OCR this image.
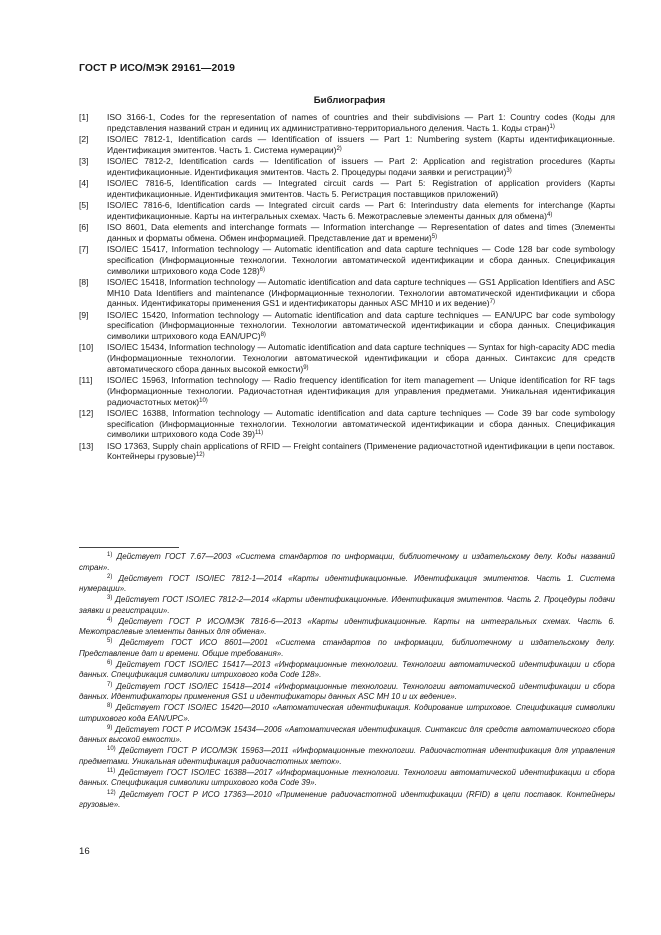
ГОСТ Р ИСО/МЭК 29161—2019
Библиография
[1]	ISO 3166-1, Codes for the representation of names of countries and their subdivisions — Part 1: Country codes (Коды для представления названий стран и единиц их административно-территориального деления. Часть 1. Коды стран)$^{1)}$
[2]	ISO/IEC 7812-1, Identification cards — Identification of issuers — Part 1: Numbering system (Карты идентификационные. Идентификация эмитентов. Часть 1. Система нумерации)$^{2)}$
[3]	ISO/IEC 7812-2, Identification cards — Identification of issuers — Part 2: Application and registration procedures (Карты идентификационные. Идентификация эмитентов. Часть 2. Процедуры подачи заявки и регистрации)$^{3)}$
[4]	ISO/IEC 7816-5, Identification cards — Integrated circuit cards — Part 5: Registration of application providers (Карты идентификационные. Идентификация эмитентов. Часть 5. Регистрация поставщиков приложений)
[5]	ISO/IEC 7816-6, Identification cards — Integrated circuit cards — Part 6: Interindustry data elements for interchange (Карты идентификационные. Карты на интегральных схемах. Часть 6. Межотраслевые элементы данных для обмена)$^{4)}$
[6]	ISO 8601, Data elements and interchange formats — Information interchange — Representation of dates and times (Элементы данных и форматы обмена. Обмен информацией. Представление дат и времени)$^{5)}$
[7]	ISO/IEC 15417, Information technology — Automatic identification and data capture techniques — Code 128 bar code symbology specification (Информационные технологии. Технологии автоматической идентификации и сбора данных. Спецификация символики штрихового кода Code 128)$^{6)}$
[8]	ISO/IEC 15418, Information technology — Automatic identification and data capture techniques — GS1 Application Identifiers and ASC MH10 Data Identifiers and maintenance (Информационные технологии. Технологии автоматической идентификации и сбора данных. Идентификаторы применения GS1 и идентификаторы данных ASC MH10 и их ведение)$^{7)}$
[9]	ISO/IEC 15420, Information technology — Automatic identification and data capture techniques — EAN/UPC bar code symbology specification (Информационные технологии. Технологии автоматической идентификации и сбора данных. Спецификация символики штрихового кода EAN/UPC)$^{8)}$
[10]	ISO/IEC 15434, Information technology — Automatic identification and data capture techniques — Syntax for high-capacity ADC media (Информационные технологии. Технологии автоматической идентификации и сбора данных. Синтаксис для средств автоматического сбора данных высокой емкости)$^{9)}$
[11]	ISO/IEC 15963, Information technology — Radio frequency identification for item management — Unique identification for RF tags (Информационные технологии. Радиочастотная идентификация для управления предметами. Уникальная идентификация радиочастотных меток)$^{10)}$
[12]	ISO/IEC 16388, Information technology — Automatic identification and data capture techniques — Code 39 bar code symbology specification (Информационные технологии. Технологии автоматической идентификации и сбора данных. Спецификация символики штрихового кода Code 39)$^{11)}$
[13]	ISO 17363, Supply chain applications of RFID — Freight containers (Применение радиочастотной идентификации в цепи поставок. Контейнеры грузовые)$^{12)}$
$^{1)}$ Действует ГОСТ 7.67—2003 «Система стандартов по информации, библиотечному и издательскому делу. Коды названий стран».
$^{2)}$ Действует ГОСТ ISO/IEC 7812-1—2014 «Карты идентификационные. Идентификация эмитентов. Часть 1. Система нумерации».
$^{3)}$ Действует ГОСТ ISO/IEC 7812-2—2014 «Карты идентификационные. Идентификация эмитентов. Часть 2. Процедуры подачи заявки и регистрации».
$^{4)}$ Действует ГОСТ Р ИСО/МЭК 7816-6—2013 «Карты идентификационные. Карты на интегральных схемах. Часть 6. Межотраслевые элементы данных для обмена».
$^{5)}$ Действует ГОСТ ИСО 8601—2001 «Система стандартов по информации, библиотечному и издательскому делу. Представление дат и времени. Общие требования».
$^{6)}$ Действует ГОСТ ISO/IEC 15417—2013 «Информационные технологии. Технологии автоматической идентификации и сбора данных. Спецификация символики штрихового кода Code 128».
$^{7)}$ Действует ГОСТ ISO/IEC 15418—2014 «Информационные технологии. Технологии автоматической идентификации и сбора данных. Идентификаторы применения GS1 и идентификаторы данных ASC MH 10 и их ведение».
$^{8)}$ Действует ГОСТ ISO/IEC 15420—2010 «Автоматическая идентификация. Кодирование штриховое. Спецификация символики штрихового кода EAN/UPC».
$^{9)}$ Действует ГОСТ Р ИСО/МЭК 15434—2006 «Автоматическая идентификация. Синтаксис для средств автоматического сбора данных высокой емкости».
$^{10)}$ Действует ГОСТ Р ИСО/МЭК 15963—2011 «Информационные технологии. Радиочастотная идентификация для управления предметами. Уникальная идентификация радиочастотных меток».
$^{11)}$ Действует ГОСТ ISO/IEC 16388—2017 «Информационные технологии. Технологии автоматической идентификации и сбора данных. Спецификация символики штрихового кода Code 39».
$^{12)}$ Действует ГОСТ Р ИСО 17363—2010 «Применение радиочастотной идентификации (RFID) в цепи поставок. Контейнеры грузовые».
16
